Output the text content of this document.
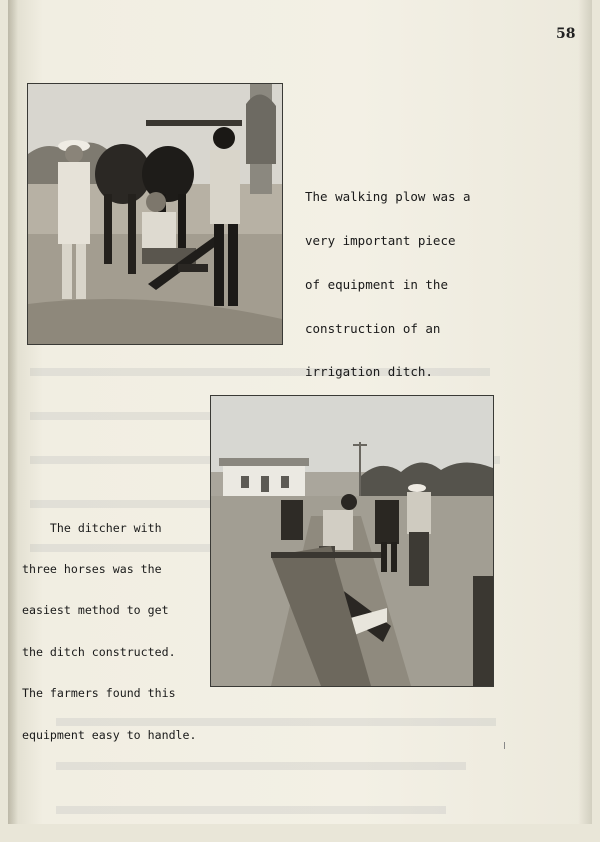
58

The walking plow was a

very important piece

of equipment in the

construction of an

irrigation ditch.

The ditcher with

three horses was the

easiest method to get

the ditch constructed.

The farmers found this

equipment easy to handle.
